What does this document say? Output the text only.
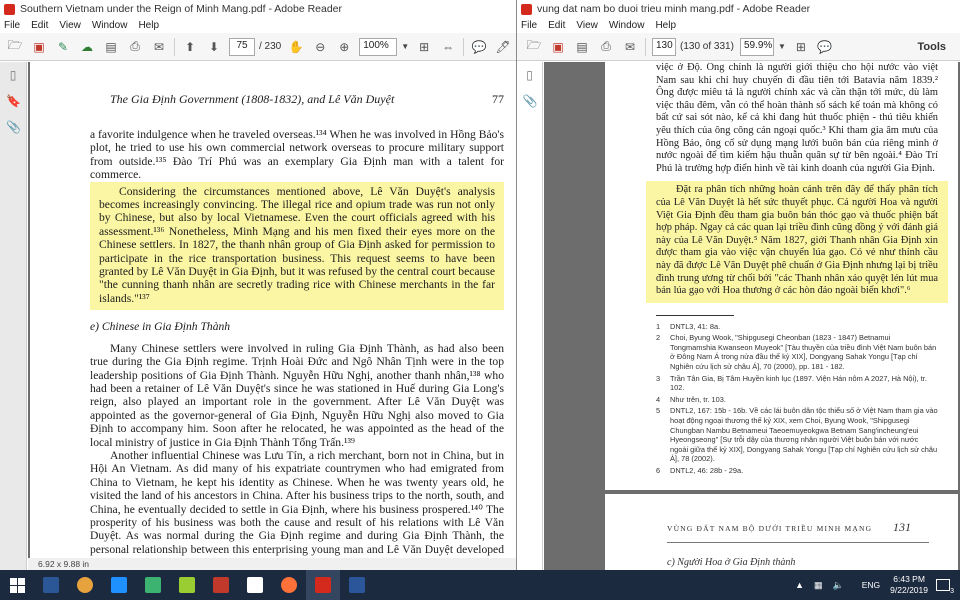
Southern Vietnam under the Reign of Minh Mang.pdf - Adobe Reader
File Edit View Window Help
🗁 ▣	✎	☁ ▤	⎙	✉	⬆	⬇	75	/ 230 ✋ ⊖	⊕	100%	▼ ⊞	⇔ 💬 🖊
▯
🔖
📎
The Gia Định Government (1808-1832), and Lê Văn Duyệt	77

a favorite indulgence when he traveled overseas.¹³⁴ When he was involved in Hồng Bảo's plot, he tried to use his own commercial network overseas to procure military support from outside.¹³⁵ Đào Trí Phú was an exemplary Gia Định man with a talent for commerce.

Considering the circumstances mentioned above, Lê Văn Duyệt's analysis becomes increasingly convincing. The illegal rice and opium trade was run not only by Chinese, but also by local Vietnamese. Even the court officials agreed with his assessment.¹³⁶ Nonetheless, Minh Mạng and his men fixed their eyes more on the Chinese settlers. In 1827, the thanh nhân group of Gia Định asked for permission to participate in the rice transportation business. This request seems to have been granted by Lê Văn Duyệt in Gia Định, but it was refused by the central court because "the cunning thanh nhân are secretly trading rice with Chinese merchants in the far islands."¹³⁷

e) Chinese in Gia Định Thành

Many Chinese settlers were involved in ruling Gia Định Thành, as had also been true during the Gia Định regime. Trịnh Hoài Đức and Ngô Nhân Tịnh were in the top leadership positions of Gia Định Thành. Nguyễn Hữu Nghị, another thanh nhân,¹³⁸ who had been a retainer of Lê Văn Duyệt's since he was stationed in Huế during Gia Long's reign, also played an important role in the government. After Lê Văn Duyệt was appointed as the governor-general of Gia Định, Nguyễn Hữu Nghị also moved to Gia Định to accompany him. Soon after he relocated, he was appointed as the head of the local ministry of justice in Gia Định Thành Tổng Trấn.¹³⁹

Another influential Chinese was Lưu Tín, a rich merchant, born not in China, but in Hội An Vietnam. As did many of his expatriate countrymen who had emigrated from China to Vietnam, he kept his identity as Chinese. When he was twenty years old, he visited the land of his ancestors in China. After his business trips to the north, south, and China, he eventually decided to settle in Gia Định, where his business prospered.¹⁴⁰ The prosperity of his business was both the cause and result of his relations with Lê Văn Duyệt. As was normal during the Gia Định regime and during Gia Định Thành, the personal relationship between this enterprising young man and Lê Văn Duyệt developed

6.92 x 9.88 in
vung dat nam bo duoi trieu minh mang.pdf - Adobe Reader
File Edit View Window Help
🗁 ▣ ▤	⎙	✉	130 (130 of 331)	59.9% ▼ ⊞ 💬	Tools
▯
📎

việc ở Độ. Ông chính là người giới thiệu cho hội nước vào việt Nam sau khi chỉ huy chuyến đi đầu tiên tới Batavia năm 1839.² Ông được miêu tả là người chính xác và cần thận tới mức, dù làm việc thâu đêm, vẫn có thể hoàn thành số sách kế toán mà không có bất cứ sai sót nào, kể cả khi đang hút thuốc phiện - thú tiêu khiển yêu thích của ông công cán ngoại quốc.³ Khi tham gia âm mưu của Hồng Bảo, ông cố sử dụng mạng lưới buôn bán của riêng mình ở nước ngoài để tìm kiếm hậu thuẫn quân sự từ bên ngoài.⁴ Đào Trí Phú là trường hợp điển hình về tài kinh doanh của người Gia Định.

Đặt ra phân tích những hoàn cảnh trên đây để thấy phân tích của Lê Văn Duyệt là hết sức thuyết phục. Cả người Hoa và người Việt Gia Định đều tham gia buôn bán thóc gạo và thuốc phiện bất hợp pháp. Ngay cả các quan lại triều đình cũng đồng ý với đánh giá này của Lê Văn Duyệt.⁵ Năm 1827, giới Thanh nhân Gia Định xin được tham gia vào việc vận chuyển lúa gạo. Có vẻ như thỉnh cầu này đã được Lê Văn Duyệt phê chuẩn ở Gia Định nhưng lại bị triều đình trung ương từ chối bởi "các Thanh nhân xảo quyệt lén lút mua bán lúa gạo với Hoa thương ở các hòn đảo ngoài biển khơi".⁶

1 DNTL3, 41: 8a.
2 Choi, Byung Wook, "Shipgusegi Cheonban (1823 - 1847) Betnamui Tongmamshia Kwanseon Muyeok" [Tàu thuyền của triều đình Việt Nam buôn bán ở Đông Nam Á trong nửa đầu thế kỷ XIX], Dongyang Sahak Yongu [Tạp chí Nghiên cứu lịch sử châu Á], 70 (2000), pp. 181 - 182.
3 Trần Tân Gia, Bị Tâm Huyền kinh lục (1897. Viện Hán nôm A 2027, Hà Nội), tr. 102.
4 Như trên, tr. 103.
5 DNTL2, 167: 15b - 16b. Về các lái buôn dân tộc thiểu số ở Việt Nam tham gia vào hoạt động ngoại thương thế kỷ XIX, xem Choi, Byung Wook, "Shipgusegi Chungban Nambu Betnameui Taeoemuyeokgwa Betnam Sang'incheung'eui Hyeongseong" [Sự trỗi dậy của thương nhân người Việt buôn bán với nước ngoài giữa thế kỷ XIX], Dongyang Sahak Yongu [Tạp chí Nghiên cứu lịch sử châu Á], 78 (2002).
6 DNTL2, 46: 28b - 29a.
VÙNG ĐẤT NAM BỘ DƯỚI TRIỀU MINH MẠNG 131
c) Người Hoa ở Gia Định thành
▲ ▦ 🔈 ENG
6:43 PM
9/22/2019	3
